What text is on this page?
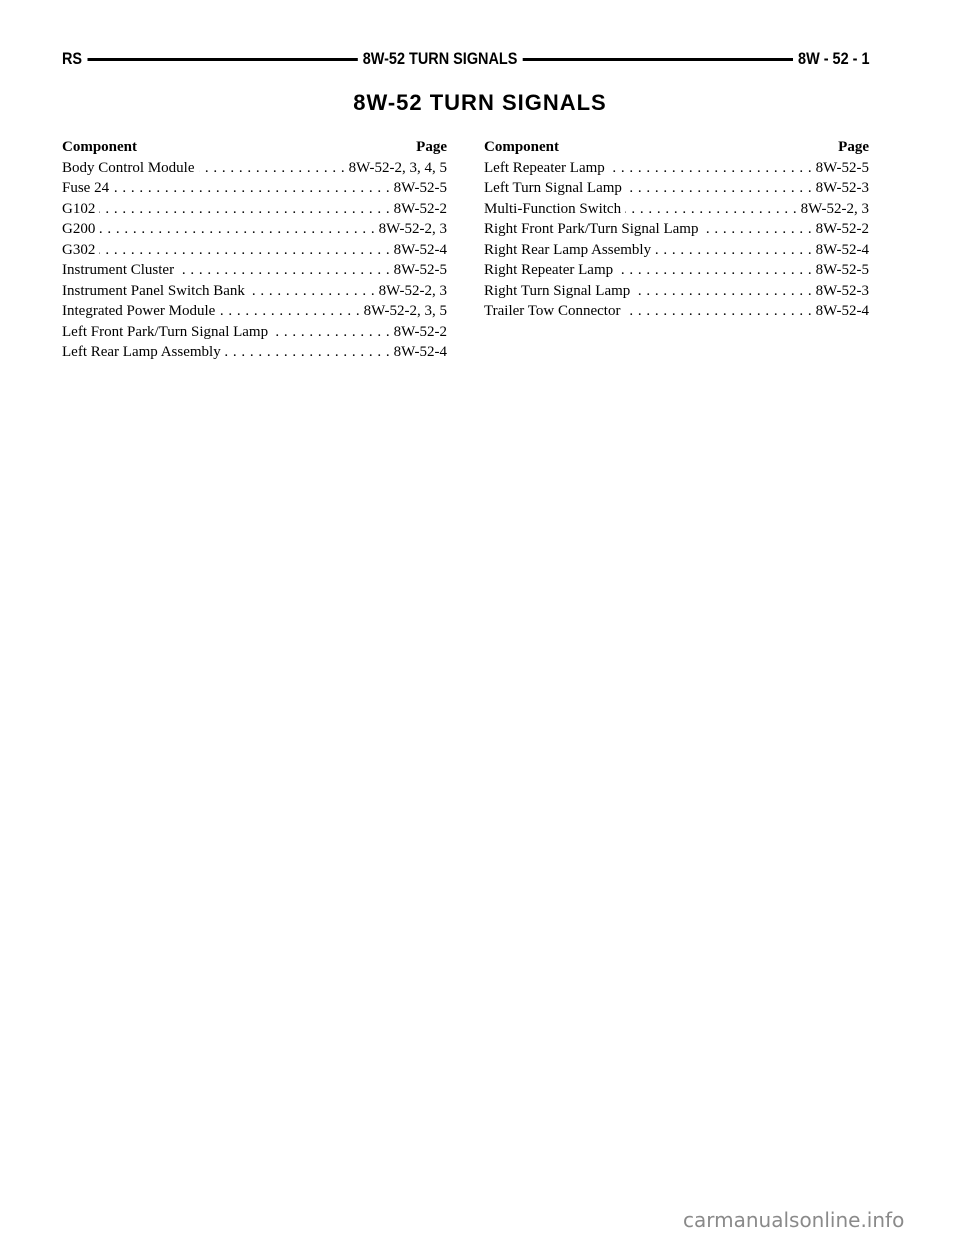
RS	8W-52 TURN SIGNALS	8W - 52 - 1
8W-52 TURN SIGNALS
Component	Page
Body Control Module . . .	8W-52-2, 3, 4, 5
Fuse 24 . . .	8W-52-5
G102 . . .	8W-52-2
G200 . . .	8W-52-2, 3
G302 . . .	8W-52-4
Instrument Cluster . . .	8W-52-5
Instrument Panel Switch Bank . . .	8W-52-2, 3
Integrated Power Module . . .	8W-52-2, 3, 5
Left Front Park/Turn Signal Lamp . . .	8W-52-2
Left Rear Lamp Assembly . . .	8W-52-4
Component	Page
Left Repeater Lamp . . .	8W-52-5
Left Turn Signal Lamp . . .	8W-52-3
Multi-Function Switch . . .	8W-52-2, 3
Right Front Park/Turn Signal Lamp . . .	8W-52-2
Right Rear Lamp Assembly . . .	8W-52-4
Right Repeater Lamp . . .	8W-52-5
Right Turn Signal Lamp . . .	8W-52-3
Trailer Tow Connector . . .	8W-52-4
carmanualsonline.info
